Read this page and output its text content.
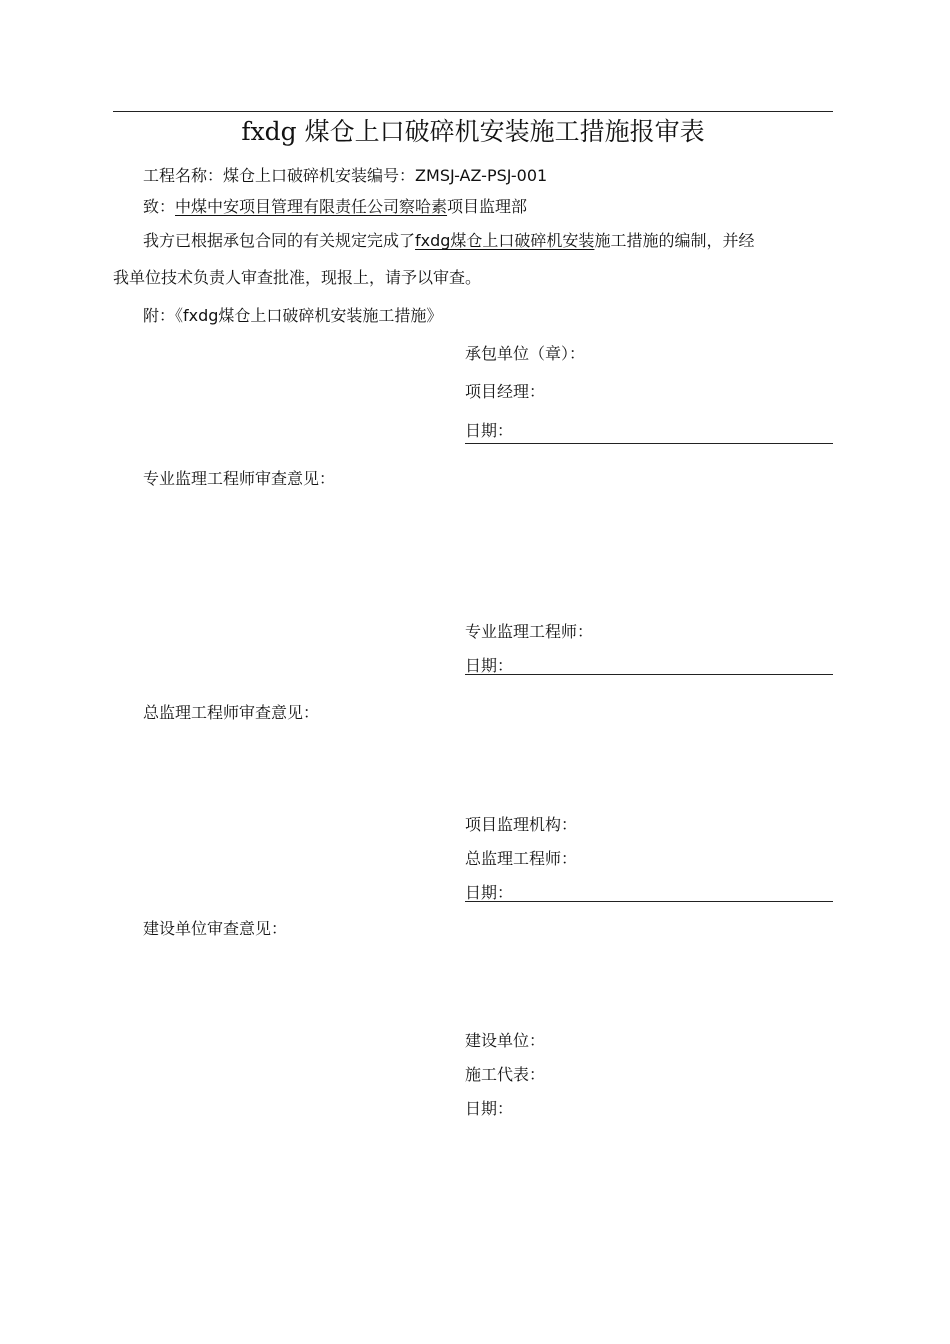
fxdg 煤仓上口破碎机安装施工措施报审表
工程名称：煤仓上口破碎机安装编号：ZMSJ-AZ-PSJ-001
致：中煤中安项目管理有限责任公司察哈素项目监理部
我方已根据承包合同的有关规定完成了fxdg煤仓上口破碎机安装施工措施的编制，并经
我单位技术负责人审查批准，现报上，请予以审查。
附：《fxdg煤仓上口破碎机安装施工措施》
承包单位（章）：
项目经理：
日期：
专业监理工程师审查意见：
专业监理工程师：
日期：
总监理工程师审查意见：
项目监理机构：
总监理工程师：
日期：
建设单位审查意见：
建设单位：
施工代表：
日期：
